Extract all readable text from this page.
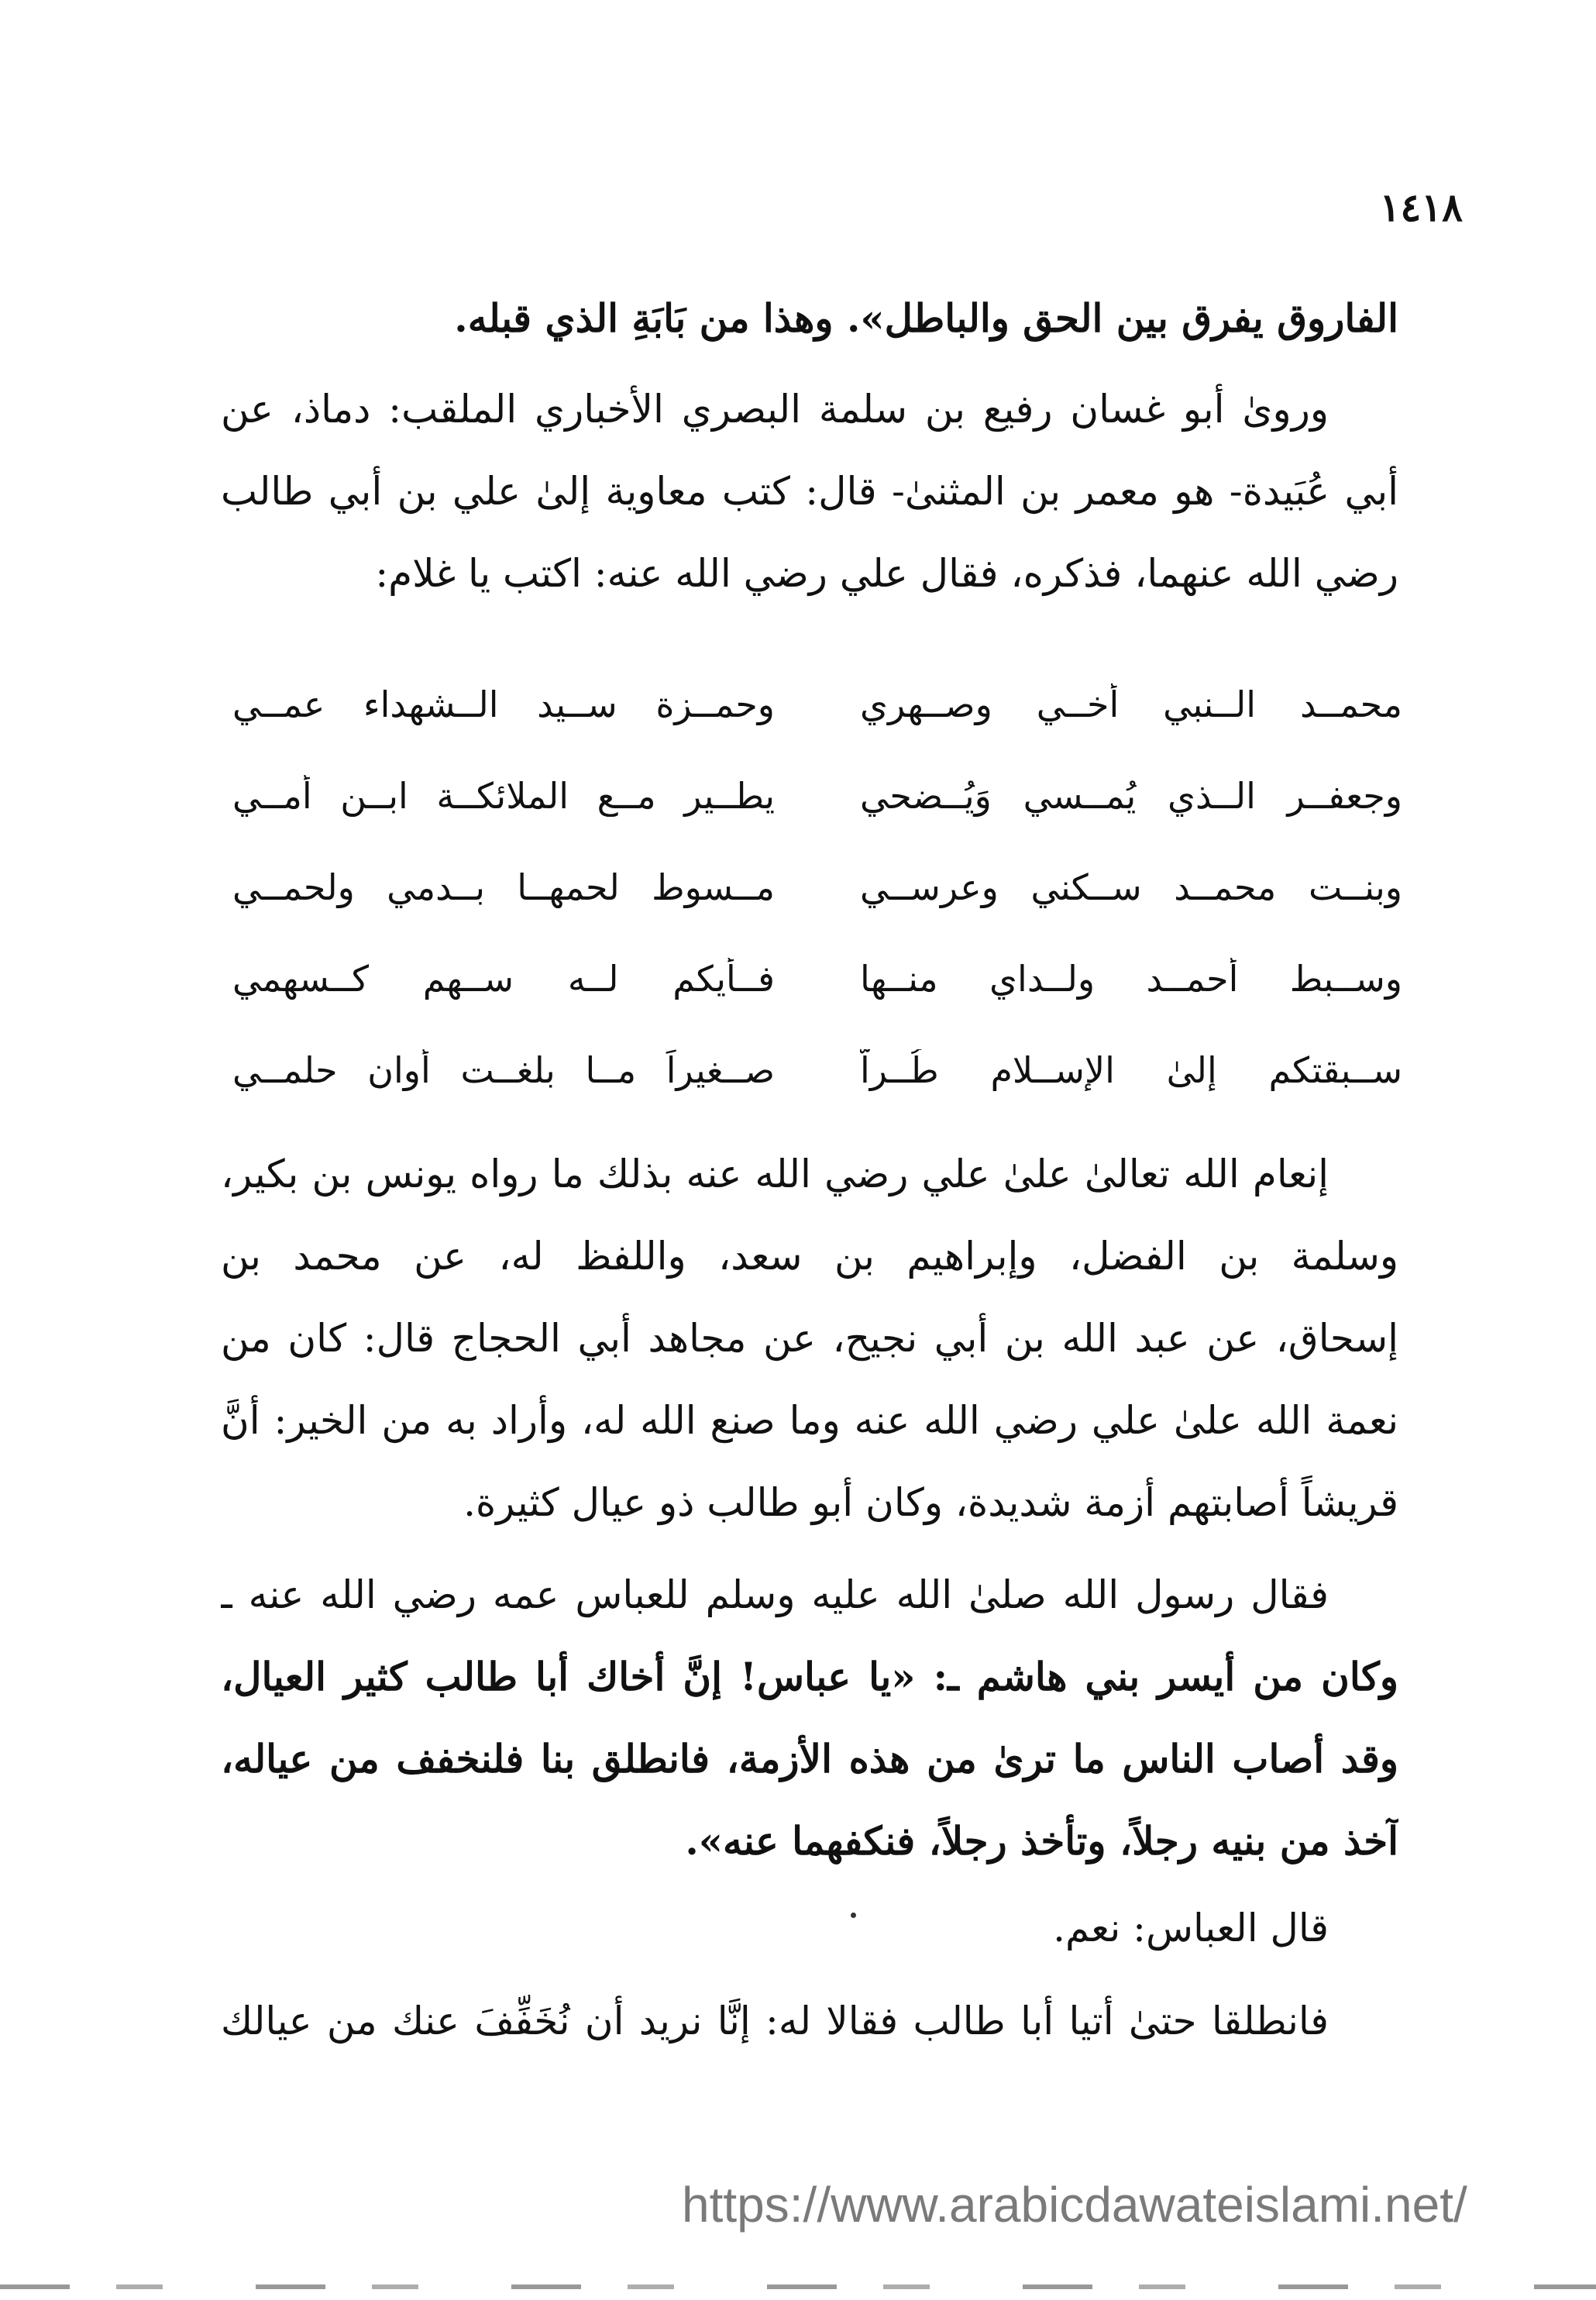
١٤١٨
الفاروق يفرق بين الحق والباطل». وهذا من بَابَةِ الذي قبله.
ورویٰ أبو غسان رفيع بن سلمة البصري الأخباري الملقب: دماذ، عن
أبي عُبَيدة- هو معمر بن المثنىٰ- قال: كتب معاوية إلىٰ علي بن أبي طالب
رضي الله عنهما، فذكره، فقال علي رضي الله عنه: اكتب يا غلام:
محمــد الــنبي أخــي وصــهري
وحمــزة ســيد الــشهداء عمــي
وجعفــر الــذي يُمــسي وَيُــضحي
يطــير مــع الملائكــة ابــن أمــي
وبنــت محمــد ســكني وعرســي
مــسوط لحمهــا بــدمي ولحمــي
وســبط أحمــد ولــداي منــها
فــأيكم لــه ســهم كــسهمي
ســبقتكم إلىٰ الإســلام طُــراًّ
صــغيراً مــا بلغــت أوان حلمــي
إنعام الله تعالىٰ علىٰ علي رضي الله عنه بذلك ما رواه يونس بن بكير،
وسلمة بن الفضل، وإبراهيم بن سعد، واللفظ له، عن محمد بن
إسحاق، عن عبد الله بن أبي نجيح، عن مجاهد أبي الحجاج قال: كان من
نعمة الله علىٰ علي رضي الله عنه وما صنع الله له، وأراد به من الخير: أنَّ
قريشاً أصابتهم أزمة شديدة، وكان أبو طالب ذو عيال كثيرة.
فقال رسول الله صلىٰ الله عليه وسلم للعباس عمه رضي الله عنه ـ
وكان من أيسر بني هاشم ـ: «يا عباس! إنَّ أخاك أبا طالب كثير العيال،
وقد أصاب الناس ما ترىٰ من هذه الأزمة، فانطلق بنا فلنخفف من عياله،
آخذ من بنيه رجلاً، وتأخذ رجلاً، فنكفهما عنه».
قال العباس: نعم.
فانطلقا حتىٰ أتيا أبا طالب فقالا له: إنَّا نريد أن نُخَفِّفَ عنك من عيالك
https://www.arabicdawateislami.net/
